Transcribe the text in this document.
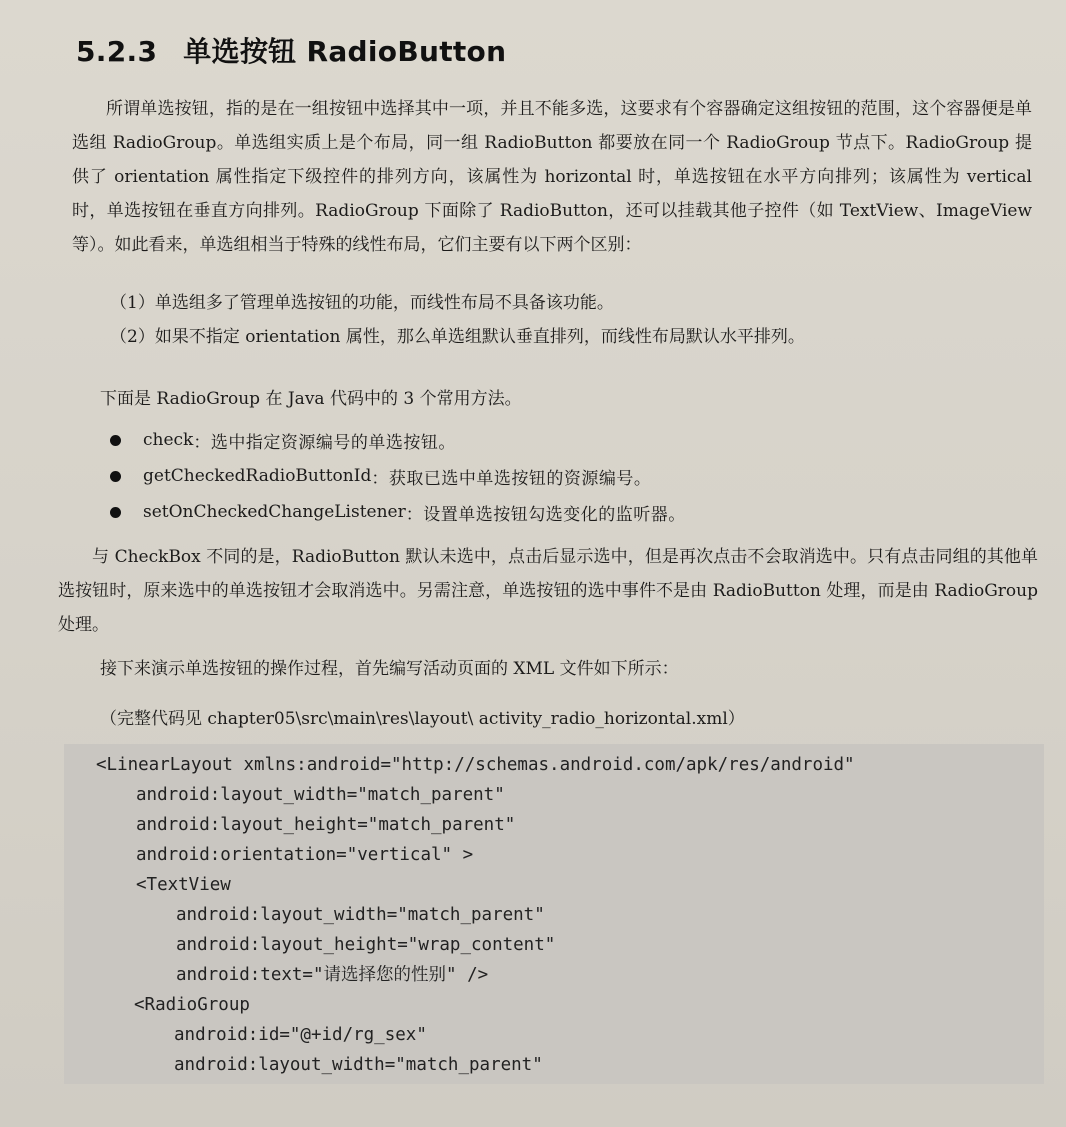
5.2.3 单选按钮 RadioButton

所谓单选按钮，指的是在一组按钮中选择其中一项，并且不能多选，这要求有个容器确定这组按钮的范围，这个容器便是单选组 RadioGroup。单选组实质上是个布局，同一组 RadioButton 都要放在同一个 RadioGroup 节点下。RadioGroup 提供了 orientation 属性指定下级控件的排列方向，该属性为 horizontal 时，单选按钮在水平方向排列；该属性为 vertical 时，单选按钮在垂直方向排列。RadioGroup 下面除了 RadioButton，还可以挂载其他子控件（如 TextView、ImageView 等）。如此看来，单选组相当于特殊的线性布局，它们主要有以下两个区别：

（1）单选组多了管理单选按钮的功能，而线性布局不具备该功能。
（2）如果不指定 orientation 属性，那么单选组默认垂直排列，而线性布局默认水平排列。
下面是 RadioGroup 在 Java 代码中的 3 个常用方法。
check ：选中指定资源编号的单选按钮。
getCheckedRadioButtonId ：获取已选中单选按钮的资源编号。
setOnCheckedChangeListener ：设置单选按钮勾选变化的监听器。

与 CheckBox 不同的是，RadioButton 默认未选中，点击后显示选中，但是再次点击不会取消选中。只有点击同组的其他单选按钮时，原来选中的单选按钮才会取消选中。另需注意，单选按钮的选中事件不是由 RadioButton 处理，而是由 RadioGroup 处理。

接下来演示单选按钮的操作过程，首先编写活动页面的 XML 文件如下所示：
（完整代码见 chapter05\src\main\res\layout\ activity_radio_horizontal.xml）
<LinearLayout xmlns:android="http://schemas.android.com/apk/res/android"
android:layout_width="match_parent"
android:layout_height="match_parent"
android:orientation="vertical" >
<TextView
android:layout_width="match_parent"
android:layout_height="wrap_content"
android:text="请选择您的性别" />
<RadioGroup
android:id="@+id/rg_sex"
android:layout_width="match_parent"
